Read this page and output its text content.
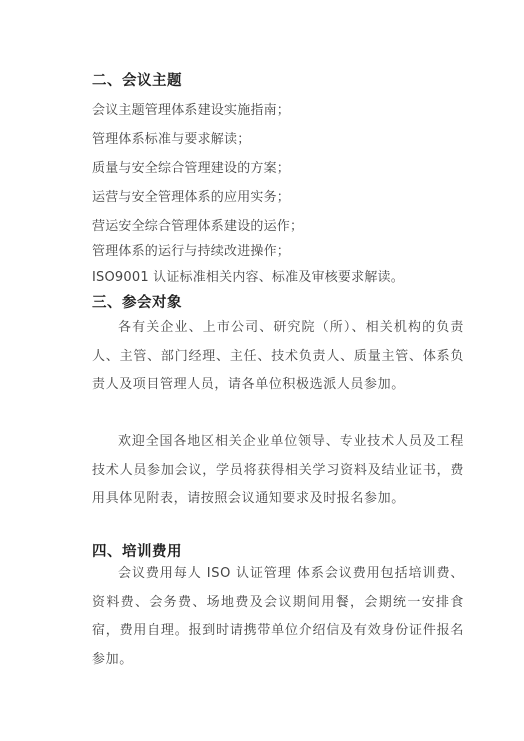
二、会议主题
会议主题管理体系建设实施指南；
管理体系标准与要求解读；
质量与安全综合管理建设的方案；
运营与安全管理体系的应用实务；
营运安全综合管理体系建设的运作；
管理体系的运行与持续改进操作；
ISO9001 认证标准相关内容、标准及审核要求解读。
三、参会对象
各有关企业、上市公司、研究院（所）、相关机构的负责人、主管、部门经理、主任、技术负责人、质量主管、体系负责人及项目管理人员，请各单位积极选派人员参加。
欢迎全国各地区相关企业单位领导、专业技术人员及工程技术人员参加会议，学员将获得相关学习资料及结业证书，费用具体见附表，请按照会议通知要求及时报名参加。
四、培训费用
会议费用每人 ISO 认证管理 体系会议费用包括培训费、资料费、会务费、场地费及会议期间用餐，会期统一安排食宿，费用自理。报到时请携带单位介绍信及有效身份证件报名参加。
